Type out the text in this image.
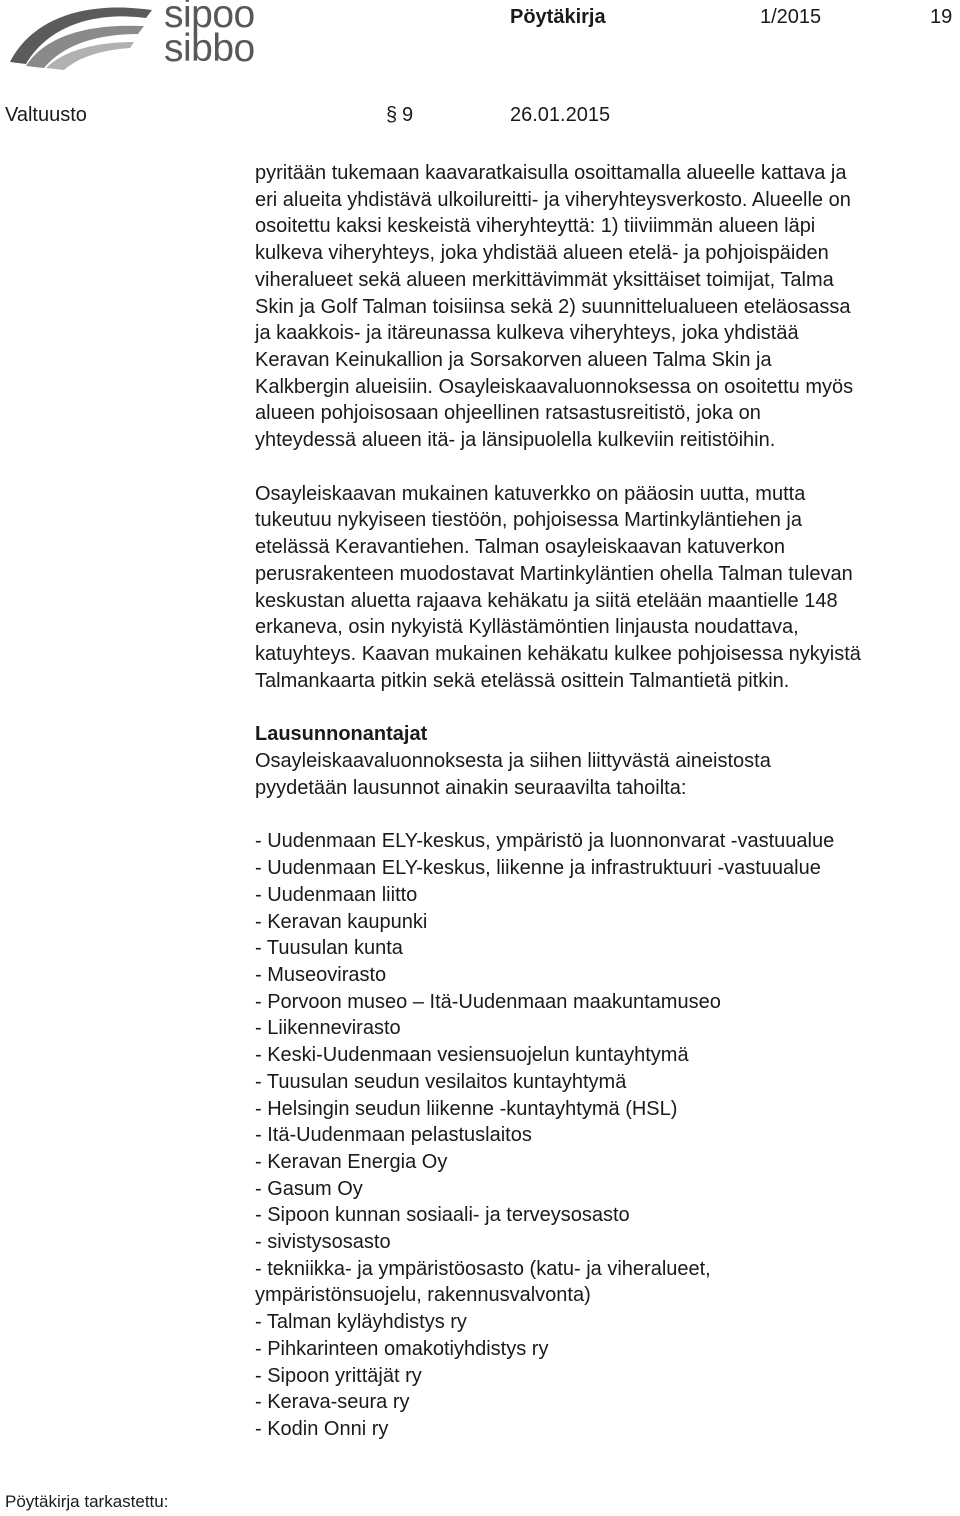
sipoo
sibbo
Pöytäkirja	1/2015	19
Valtuusto	§ 9	26.01.2015

pyritään tukemaan kaavaratkaisulla osoittamalla alueelle kattava ja
eri alueita yhdistävä ulkoilureitti- ja viheryhteysverkosto. Alueelle on
osoitettu kaksi keskeistä viheryhteyttä: 1) tiiviimmän alueen läpi
kulkeva viheryhteys, joka yhdistää alueen etelä- ja pohjoispäiden
viheralueet sekä alueen merkittävimmät yksittäiset toimijat, Talma
Skin ja Golf Talman toisiinsa sekä 2) suunnittelualueen eteläosassa
ja kaakkois- ja itäreunassa kulkeva viheryhteys, joka yhdistää
Keravan Keinukallion ja Sorsakorven alueen Talma Skin ja
Kalkbergin alueisiin. Osayleiskaavaluonnoksessa on osoitettu myös
alueen pohjoisosaan ohjeellinen ratsastusreitistö, joka on
yhteydessä alueen itä- ja länsipuolella kulkeviin reitistöihin.

Osayleiskaavan mukainen katuverkko on pääosin uutta, mutta
tukeutuu nykyiseen tiestöön, pohjoisessa Martinkyläntiehen ja
etelässä Keravantiehen. Talman osayleiskaavan katuverkon
perusrakenteen muodostavat Martinkyläntien ohella Talman tulevan
keskustan aluetta rajaava kehäkatu ja siitä etelään maantielle 148
erkaneva, osin nykyistä Kyllästämöntien linjausta noudattava,
katuyhteys. Kaavan mukainen kehäkatu kulkee pohjoisessa nykyistä
Talmankaarta pitkin sekä etelässä osittein Talmantietä pitkin.

Lausunnonantajat

Osayleiskaavaluonnoksesta ja siihen liittyvästä aineistosta
pyydetään lausunnot ainakin seuraavilta tahoilta:

- Uudenmaan ELY-keskus, ympäristö ja luonnonvarat -vastuualue
- Uudenmaan ELY-keskus, liikenne ja infrastruktuuri -vastuualue
- Uudenmaan liitto
- Keravan kaupunki
- Tuusulan kunta
- Museovirasto
- Porvoon museo – Itä-Uudenmaan maakuntamuseo
- Liikennevirasto
- Keski-Uudenmaan vesiensuojelun kuntayhtymä
- Tuusulan seudun vesilaitos kuntayhtymä
- Helsingin seudun liikenne -kuntayhtymä (HSL)
- Itä-Uudenmaan pelastuslaitos
- Keravan Energia Oy
- Gasum Oy
- Sipoon kunnan sosiaali- ja terveysosasto
- sivistysosasto
- tekniikka- ja ympäristöosasto (katu- ja viheralueet,
ympäristönsuojelu, rakennusvalvonta)
- Talman kyläyhdistys ry
- Pihkarinteen omakotiyhdistys ry
- Sipoon yrittäjät ry
- Kerava-seura ry
- Kodin Onni ry
Pöytäkirja tarkastettu:
